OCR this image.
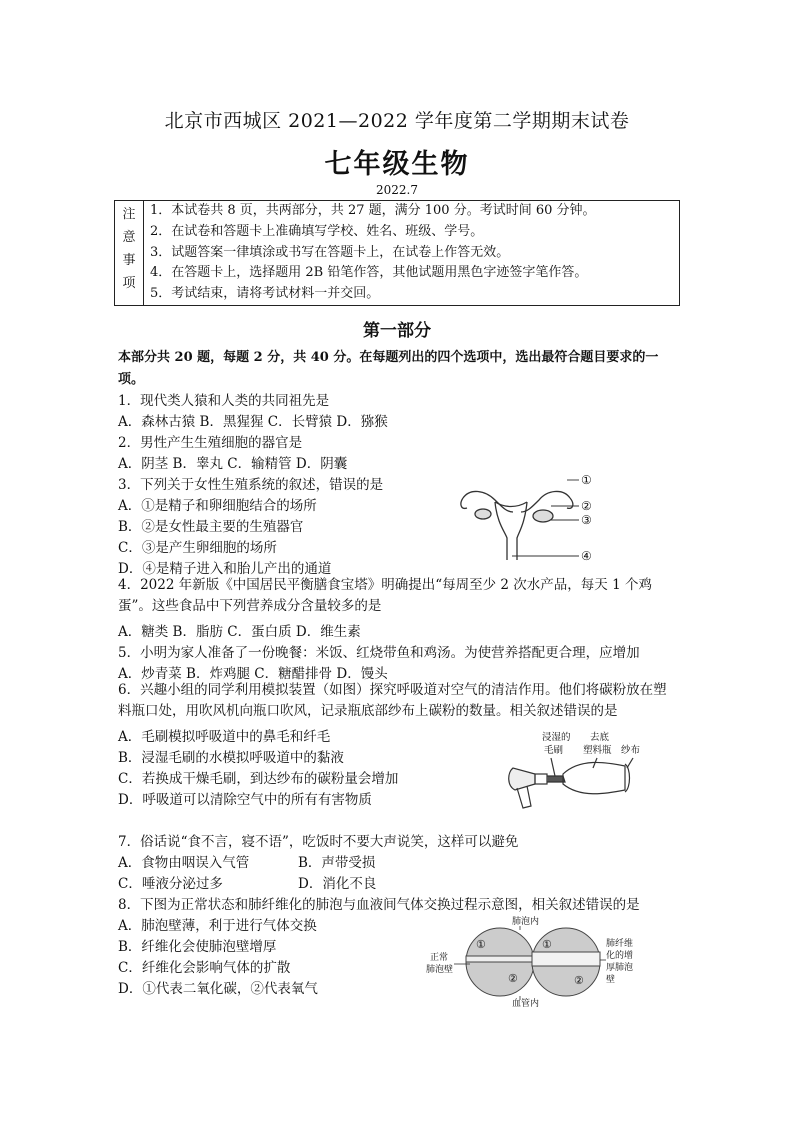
北京市西城区 2021—2022 学年度第二学期期末试卷
七年级生物
2022.7
注
意
事
项

1．本试卷共 8 页，共两部分，共 27 题，满分 100 分。考试时间 60 分钟。
2．在试卷和答题卡上准确填写学校、姓名、班级、学号。
3．试题答案一律填涂或书写在答题卡上，在试卷上作答无效。
4．在答题卡上，选择题用 2B 铅笔作答，其他试题用黑色字迹签字笔作答。
5．考试结束，请将考试材料一并交回。
第一部分
本部分共 20 题，每题 2 分，共 40 分。在每题列出的四个选项中，选出最符合题目要求的一项。
1．现代类人猿和人类的共同祖先是
A．森林古猿 B．黑猩猩 C．长臂猿 D．猕猴
2．男性产生生殖细胞的器官是
A．阴茎 B．睾丸 C．输精管 D．阴囊
3．下列关于女性生殖系统的叙述，错误的是
A．①是精子和卵细胞结合的场所
B．②是女性最主要的生殖器官
C．③是产生卵细胞的场所
D．④是精子进入和胎儿产出的通道
①
②
③
④
4．2022 年新版《中国居民平衡膳食宝塔》明确提出“每周至少 2 次水产品，每天 1 个鸡蛋”。这些食品中下列营养成分含量较多的是
A．糖类 B．脂肪 C．蛋白质 D．维生素
5．小明为家人准备了一份晚餐：米饭、红烧带鱼和鸡汤。为使营养搭配更合理，应增加
A．炒青菜 B．炸鸡腿 C．糖醋排骨 D．馒头
6．兴趣小组的同学利用模拟装置（如图）探究呼吸道对空气的清洁作用。他们将碳粉放在塑料瓶口处，用吹风机向瓶口吹风，记录瓶底部纱布上碳粉的数量。相关叙述错误的是
A．毛刷模拟呼吸道中的鼻毛和纤毛
B．浸湿毛刷的水模拟呼吸道中的黏液
C．若换成干燥毛刷，到达纱布的碳粉量会增加
D．呼吸道可以清除空气中的所有有害物质
浸湿的
毛刷
去底
塑料瓶 纱布
7．俗话说“食不言，寝不语”，吃饭时不要大声说笑，这样可以避免
A．食物由咽误入气管	B．声带受损
C．唾液分泌过多	D．消化不良
8．下图为正常状态和肺纤维化的肺泡与血液间气体交换过程示意图，相关叙述错误的是
A．肺泡壁薄，利于进行气体交换
B．纤维化会使肺泡壁增厚
C．纤维化会影响气体的扩散
D．①代表二氧化碳，②代表氧气
肺泡内
血管内
正常
肺泡壁
肺纤维
化的增
厚肺泡
壁
①
②
①
②
